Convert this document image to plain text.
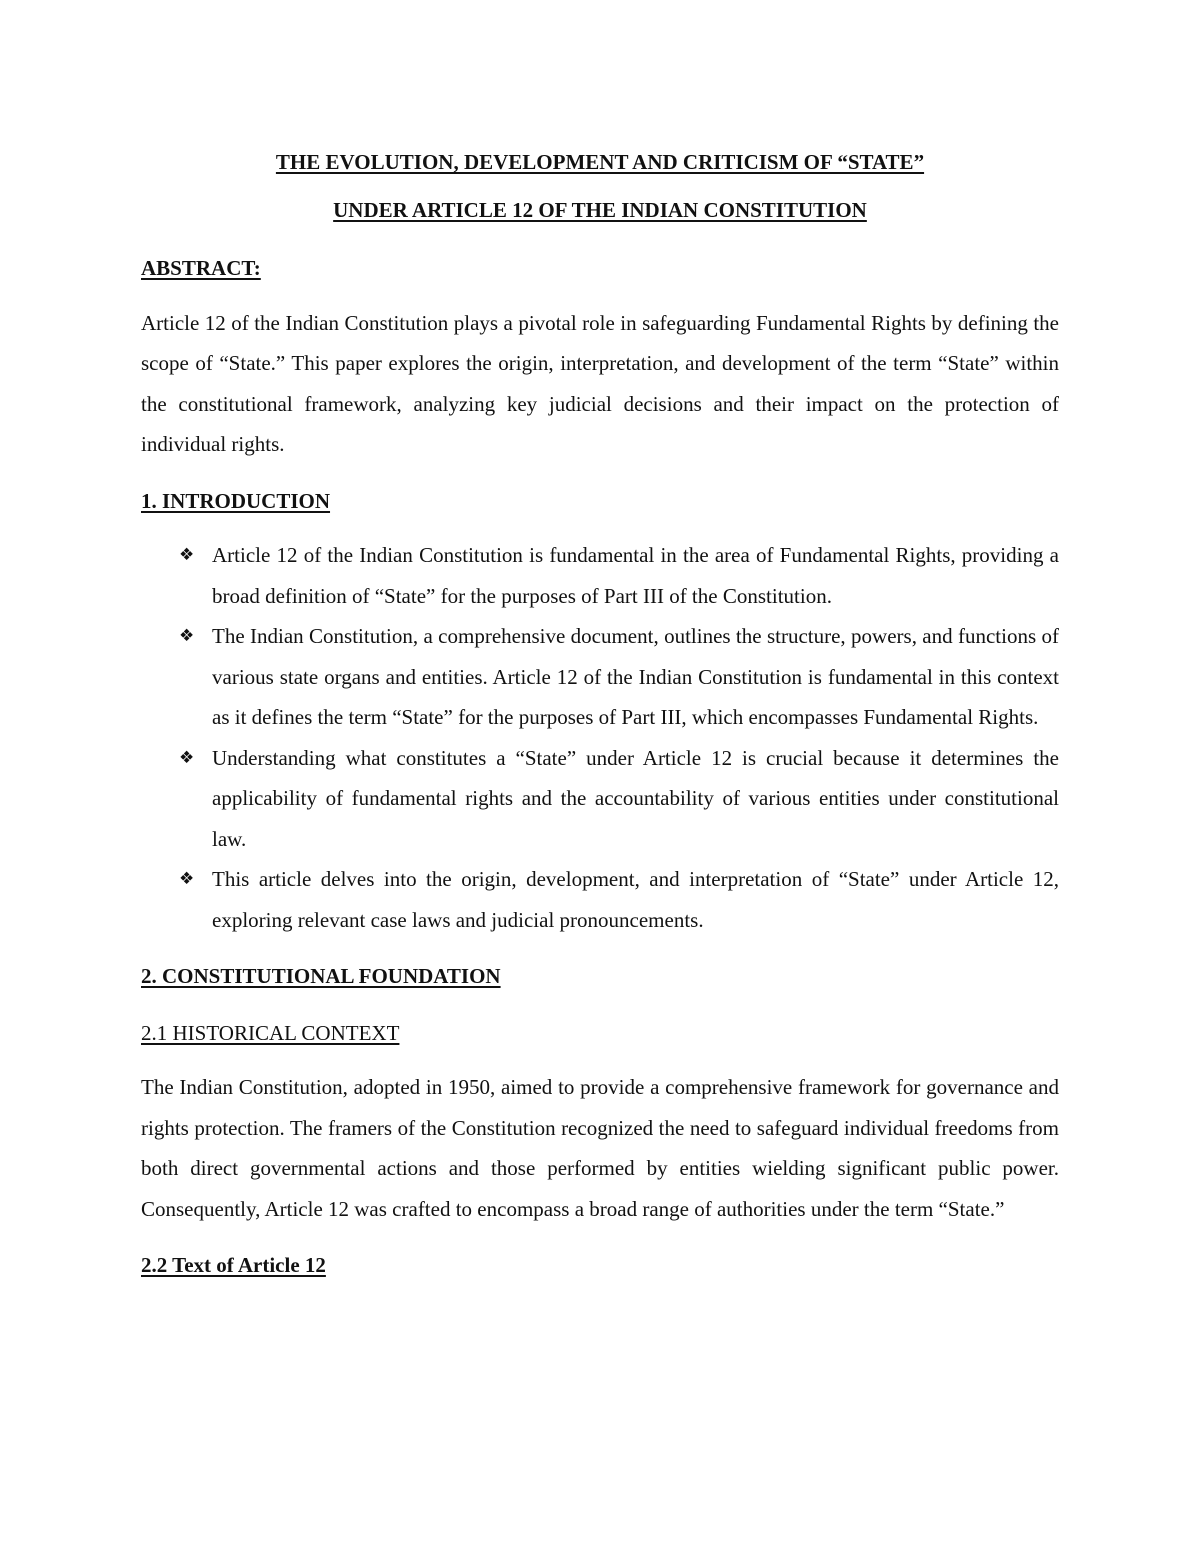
THE EVOLUTION, DEVELOPMENT AND CRITICISM OF “STATE”
UNDER ARTICLE 12 OF THE INDIAN CONSTITUTION

ABSTRACT:

Article 12 of the Indian Constitution plays a pivotal role in safeguarding Fundamental Rights by defining the scope of “State.” This paper explores the origin, interpretation, and development of the term “State” within the constitutional framework, analyzing key judicial decisions and their impact on the protection of individual rights.

1. INTRODUCTION

❖ Article 12 of the Indian Constitution is fundamental in the area of Fundamental Rights, providing a broad definition of “State” for the purposes of Part III of the Constitution.
❖ The Indian Constitution, a comprehensive document, outlines the structure, powers, and functions of various state organs and entities. Article 12 of the Indian Constitution is fundamental in this context as it defines the term “State” for the purposes of Part III, which encompasses Fundamental Rights.
❖ Understanding what constitutes a “State” under Article 12 is crucial because it determines the applicability of fundamental rights and the accountability of various entities under constitutional law.
❖ This article delves into the origin, development, and interpretation of “State” under Article 12, exploring relevant case laws and judicial pronouncements.

2. CONSTITUTIONAL FOUNDATION

2.1 HISTORICAL CONTEXT

The Indian Constitution, adopted in 1950, aimed to provide a comprehensive framework for governance and rights protection. The framers of the Constitution recognized the need to safeguard individual freedoms from both direct governmental actions and those performed by entities wielding significant public power. Consequently, Article 12 was crafted to encompass a broad range of authorities under the term “State.”

2.2 Text of Article 12
